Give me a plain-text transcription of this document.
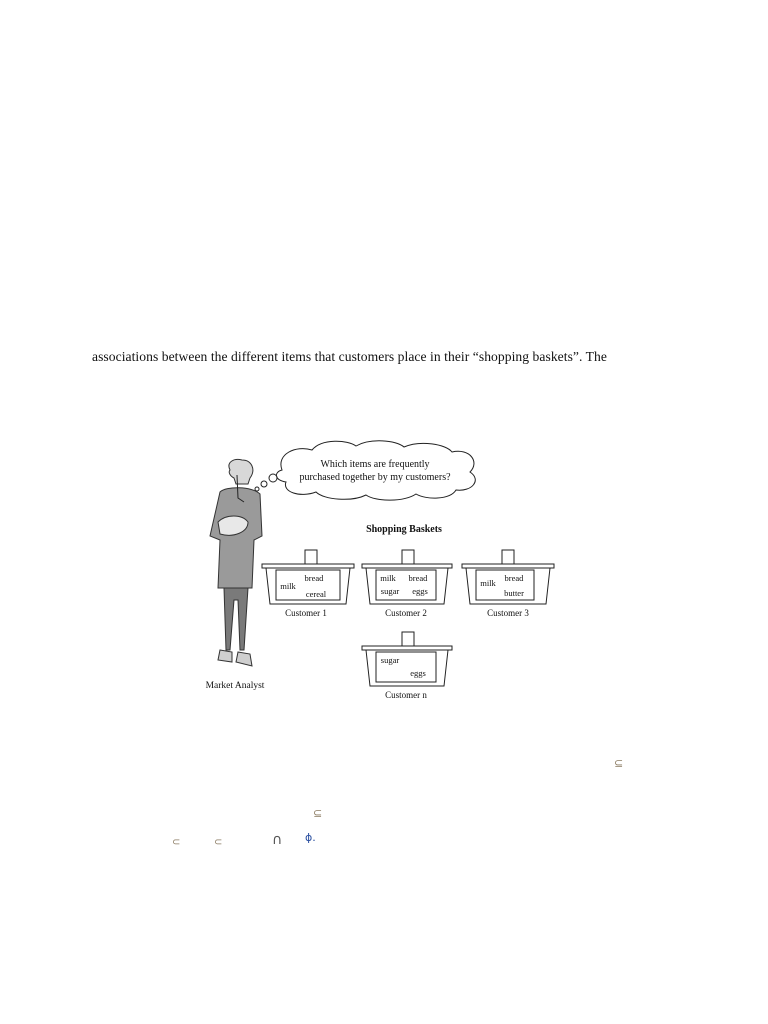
associations between the different items that customers place in their “shopping baskets”. The
Which items are frequently
purchased together by my customers?
Market Analyst
Shopping Baskets
bread
milk
cereal
Customer 1
milk bread
sugar eggs
Customer 2
bread
milk
butter
Customer 3
sugar
eggs
Customer n
⊆
⊆
⊂	⊂	∩ ϕ.
